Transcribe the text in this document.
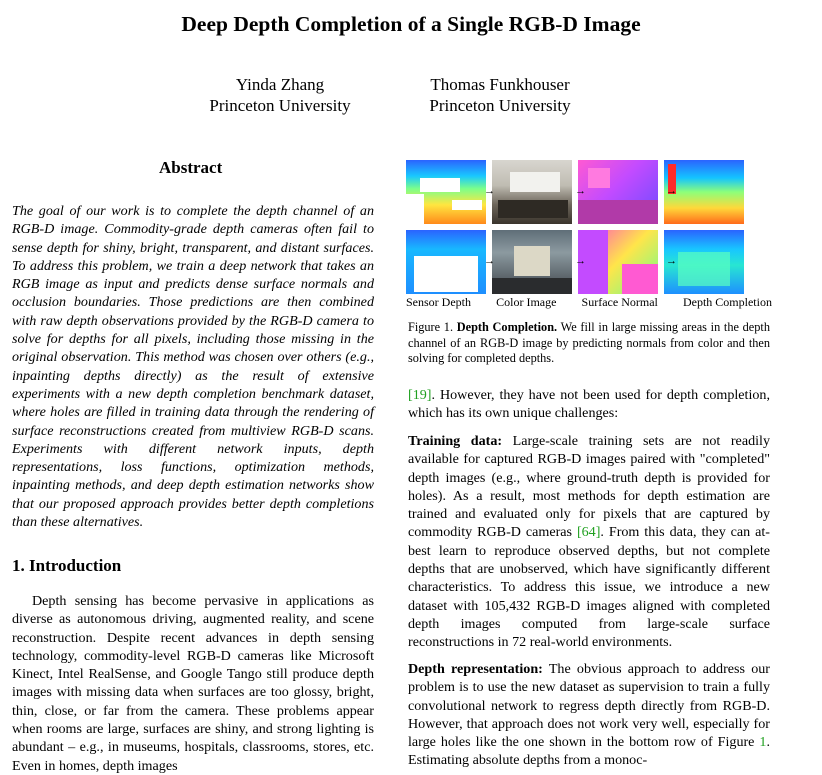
Deep Depth Completion of a Single RGB-D Image
Yinda Zhang
Princeton University
Thomas Funkhouser
Princeton University
Abstract
The goal of our work is to complete the depth channel of an RGB-D image. Commodity-grade depth cameras often fail to sense depth for shiny, bright, transparent, and distant surfaces. To address this problem, we train a deep network that takes an RGB image as input and predicts dense surface normals and occlusion boundaries. Those predictions are then combined with raw depth observations provided by the RGB-D camera to solve for depths for all pixels, including those missing in the original observation. This method was chosen over others (e.g., inpainting depths directly) as the result of extensive experiments with a new depth completion benchmark dataset, where holes are filled in training data through the rendering of surface reconstructions created from multiview RGB-D scans. Experiments with different network inputs, depth representations, loss functions, optimization methods, inpainting methods, and deep depth estimation networks show that our proposed approach provides better depth completions than these alternatives.
1. Introduction
Depth sensing has become pervasive in applications as diverse as autonomous driving, augmented reality, and scene reconstruction. Despite recent advances in depth sensing technology, commodity-level RGB-D cameras like Microsoft Kinect, Intel RealSense, and Google Tango still produce depth images with missing data when surfaces are too glossy, bright, thin, close, or far from the camera. These problems appear when rooms are large, surfaces are shiny, and strong lighting is abundant – e.g., in museums, hospitals, classrooms, stores, etc. Even in homes, depth images
→	→	→
→	→	→
Sensor Depth Color Image Surface Normal Depth Completion
Figure 1. Depth Completion. We fill in large missing areas in the depth channel of an RGB-D image by predicting normals from color and then solving for completed depths.
[19]. However, they have not been used for depth completion, which has its own unique challenges:
Training data: Large-scale training sets are not readily available for captured RGB-D images paired with "completed" depth images (e.g., where ground-truth depth is provided for holes). As a result, most methods for depth estimation are trained and evaluated only for pixels that are captured by commodity RGB-D cameras [64]. From this data, they can at-best learn to reproduce observed depths, but not complete depths that are unobserved, which have significantly different characteristics. To address this issue, we introduce a new dataset with 105,432 RGB-D images aligned with completed depth images computed from large-scale surface reconstructions in 72 real-world environments.
Depth representation: The obvious approach to address our problem is to use the new dataset as supervision to train a fully convolutional network to regress depth directly from RGB-D. However, that approach does not work very well, especially for large holes like the one shown in the bottom row of Figure 1. Estimating absolute depths from a monoc-
